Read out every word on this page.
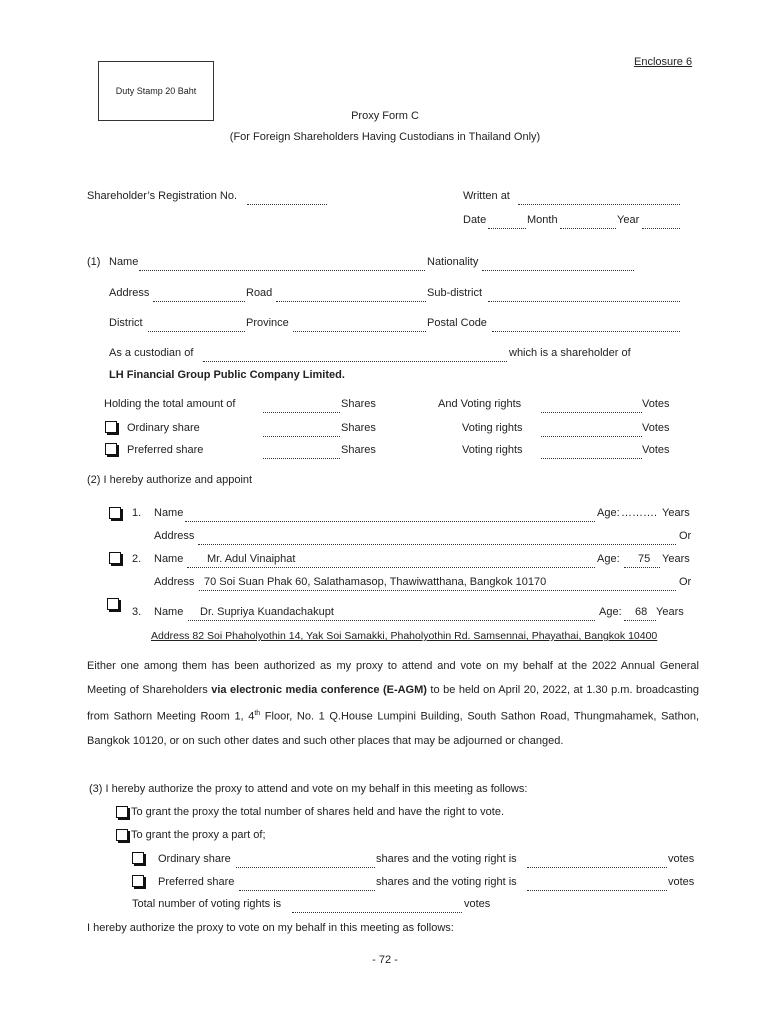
Enclosure 6
Duty Stamp 20 Baht
Proxy Form C
(For Foreign Shareholders Having Custodians in Thailand Only)
Shareholder’s Registration No.	Written at
Date	Month	Year
(1) Name	Nationality
Address	Road	Sub-district
District	Province	Postal Code
As a custodian of	which is a shareholder of
LH Financial Group Public Company Limited.
Holding the total amount of	Shares	And Voting rights	Votes
Ordinary share	Shares	Voting rights	Votes
Preferred share	Shares	Voting rights	Votes
(2) I hereby authorize and appoint
1. Name	Age: ………. Years
Address	Or
2. Name Mr. Adul Vinaiphat	Age: 75 Years
Address 70 Soi Suan Phak 60, Salathamasop, Thawiwatthana, Bangkok 10170	Or
3. Name Dr. Supriya Kuandachakupt	Age: 68 Years
Address 82 Soi Phaholyothin 14, Yak Soi Samakki, Phaholyothin Rd. Samsennai, Phayathai, Bangkok 10400
Either one among them has been authorized as my proxy to attend and vote on my behalf at the 2022 Annual General Meeting of Shareholders via electronic media conference (E-AGM) to be held on April 20, 2022, at 1.30 p.m. broadcasting from Sathorn Meeting Room 1, 4th Floor, No. 1 Q.House Lumpini Building, South Sathon Road, Thungmahamek, Sathon, Bangkok 10120, or on such other dates and such other places that may be adjourned or changed.
(3) I hereby authorize the proxy to attend and vote on my behalf in this meeting as follows:
To grant the proxy the total number of shares held and have the right to vote.
To grant the proxy a part of;
Ordinary share	shares and the voting right is	votes
Preferred share	shares and the voting right is	votes
Total number of voting rights is	votes
I hereby authorize the proxy to vote on my behalf in this meeting as follows:
- 72 -
